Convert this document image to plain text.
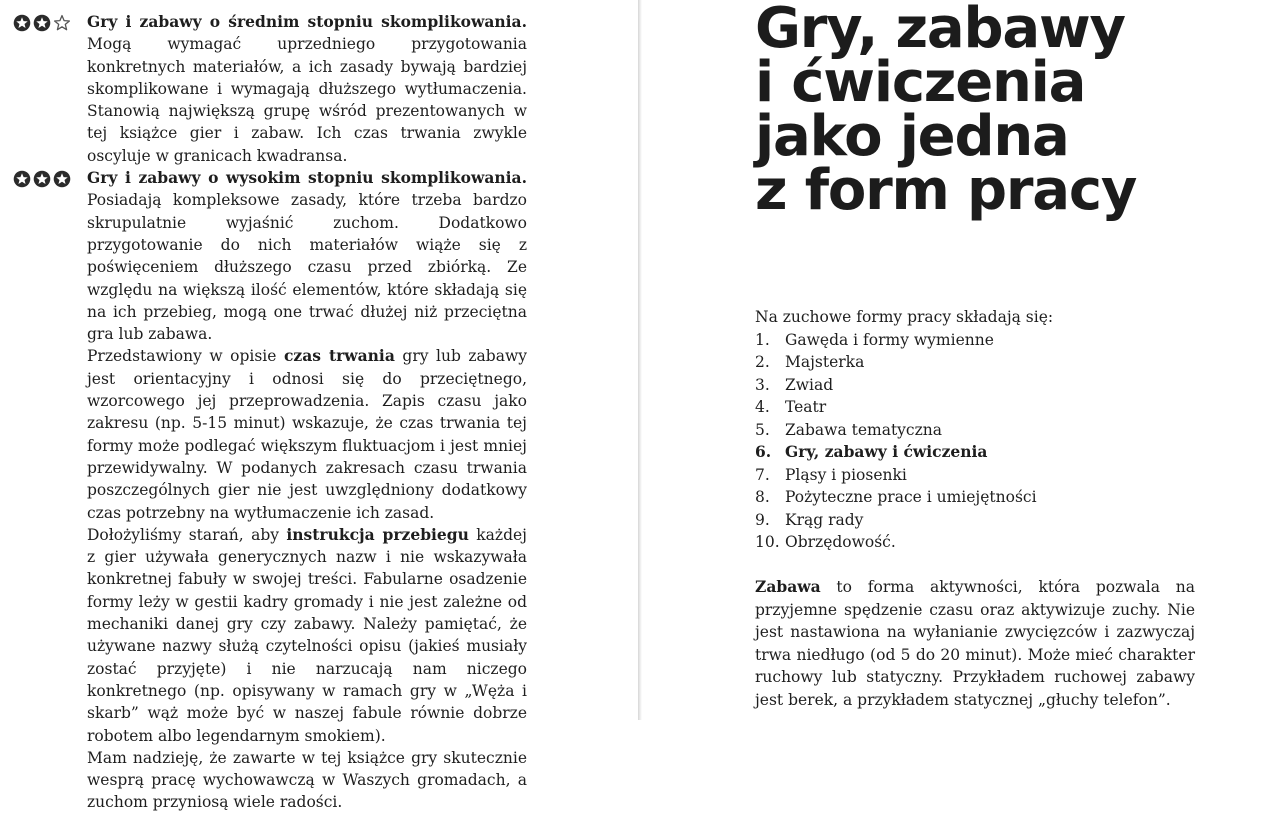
Gry i zabawy o średnim stopniu skomplikowania. Mogą wymagać uprzedniego przygotowania konkretnych materiałów, a ich zasady bywają bardziej skomplikowane i wymagają dłuższego wytłumaczenia. Stanowią największą grupę wśród prezentowanych w tej książce gier i zabaw. Ich czas trwania zwykle oscyluje w granicach kwadransa.

Gry i zabawy o wysokim stopniu skomplikowania. Posiadają kompleksowe zasady, które trzeba bardzo skrupulatnie wyjaśnić zuchom. Dodatkowo przygotowanie do nich materiałów wiąże się z poświęceniem dłuższego czasu przed zbiórką. Ze względu na większą ilość elementów, które składają się na ich przebieg, mogą one trwać dłużej niż przeciętna gra lub zabawa.

Przedstawiony w opisie czas trwania gry lub zabawy jest orientacyjny i odnosi się do przeciętnego, wzorcowego jej przeprowadzenia. Zapis czasu jako zakresu (np. 5-15 minut) wskazuje, że czas trwania tej formy może podlegać większym fluktuacjom i jest mniej przewidywalny. W podanych zakresach czasu trwania poszczególnych gier nie jest uwzględniony dodatkowy czas potrzebny na wytłumaczenie ich zasad.

Dołożyliśmy starań, aby instrukcja przebiegu każdej z gier używała generycznych nazw i nie wskazywała konkretnej fabuły w swojej treści. Fabularne osadzenie formy leży w gestii kadry gromady i nie jest zależne od mechaniki danej gry czy zabawy. Należy pamiętać, że używane nazwy służą czytelności opisu (jakieś musiały zostać przyjęte) i nie narzucają nam niczego konkretnego (np. opisywany w ramach gry w „Węża i skarb” wąż może być w naszej fabule równie dobrze robotem albo legendarnym smokiem).

Mam nadzieję, że zawarte w tej książce gry skutecznie wesprą pracę wychowawczą w Waszych gromadach, a zuchom przyniosą wiele radości.

Gry, zabawy
i ćwiczenia
jako jedna
z form pracy

Na zuchowe formy pracy składają się:

1. Gawęda i formy wymienne
2. Majsterka
3. Zwiad
4. Teatr
5. Zabawa tematyczna
6. Gry, zabawy i ćwiczenia
7. Pląsy i piosenki
8. Pożyteczne prace i umiejętności
9. Krąg rady
10. Obrzędowość.

Zabawa to forma aktywności, która pozwala na przyjemne spędzenie czasu oraz aktywizuje zuchy. Nie jest nastawiona na wyłanianie zwycięzców i zazwyczaj trwa niedługo (od 5 do 20 minut). Może mieć charakter ruchowy lub statyczny. Przykładem ruchowej zabawy jest berek, a przykładem statycznej „głuchy telefon”.
